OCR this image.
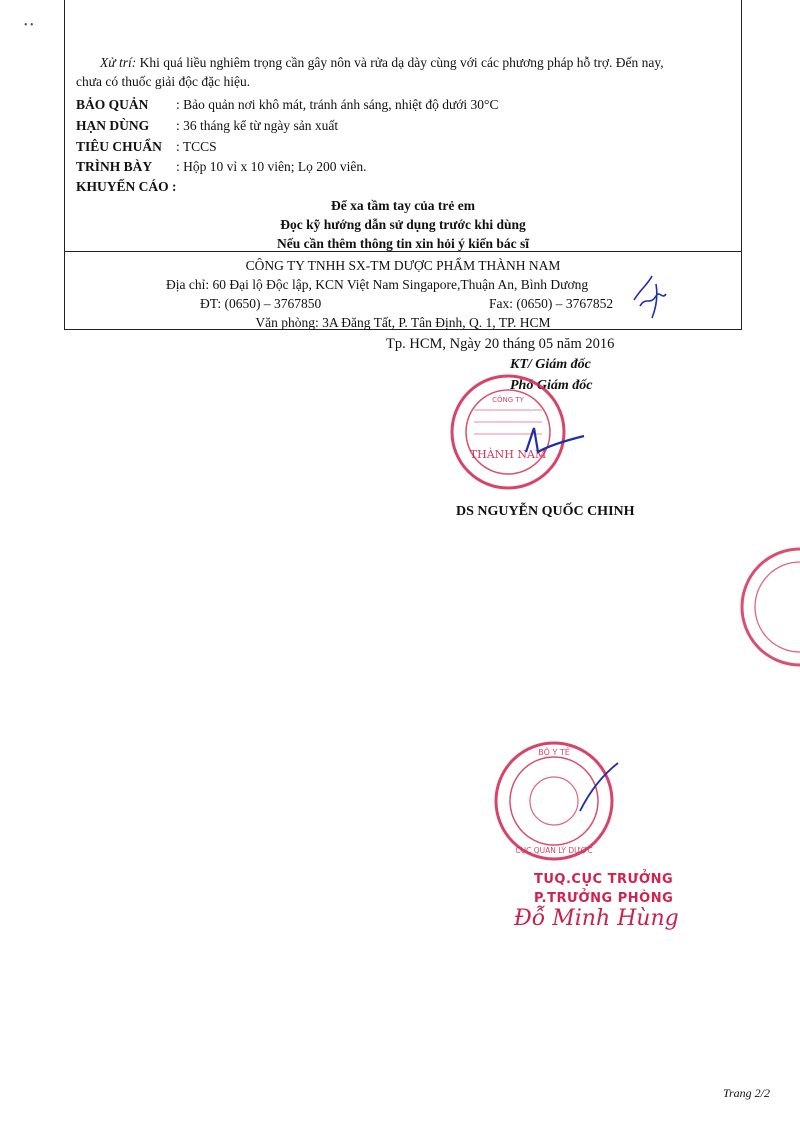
• •
Xử trí: Khi quá liều nghiêm trọng cần gây nôn và rửa dạ dày cùng với các phương pháp hỗ trợ. Đến nay,
chưa có thuốc giải độc đặc hiệu.
BẢO QUẢN : Bảo quản nơi khô mát, tránh ánh sáng, nhiệt độ dưới 30°C
HẠN DÙNG : 36 tháng kể từ ngày sản xuất
TIÊU CHUẨN : TCCS
TRÌNH BÀY : Hộp 10 vỉ x 10 viên; Lọ 200 viên.
KHUYẾN CÁO :
Để xa tầm tay của trẻ em
Đọc kỹ hướng dẫn sử dụng trước khi dùng
Nếu cần thêm thông tin xin hỏi ý kiến bác sĩ
CÔNG TY TNHH SX-TM DƯỢC PHẨM THÀNH NAM
Địa chỉ: 60 Đại lộ Độc lập, KCN Việt Nam Singapore,Thuận An, Bình Dương
ĐT: (0650) – 3767850	Fax: (0650) – 3767852
Văn phòng: 3A Đăng Tất, P. Tân Định, Q. 1, TP. HCM
Tp. HCM, Ngày 20 tháng 05 năm 2016
KT/ Giám đốc
Phó Giám đốc
CÔNG TY
THÀNH NAM
DS NGUYỄN QUỐC CHINH
BỘ Y TẾ
CỤC QUẢN LÝ DƯỢC
TUQ.CỤC TRƯỞNG
P.TRƯỞNG PHÒNG
Đỗ Minh Hùng
Trang 2/2
